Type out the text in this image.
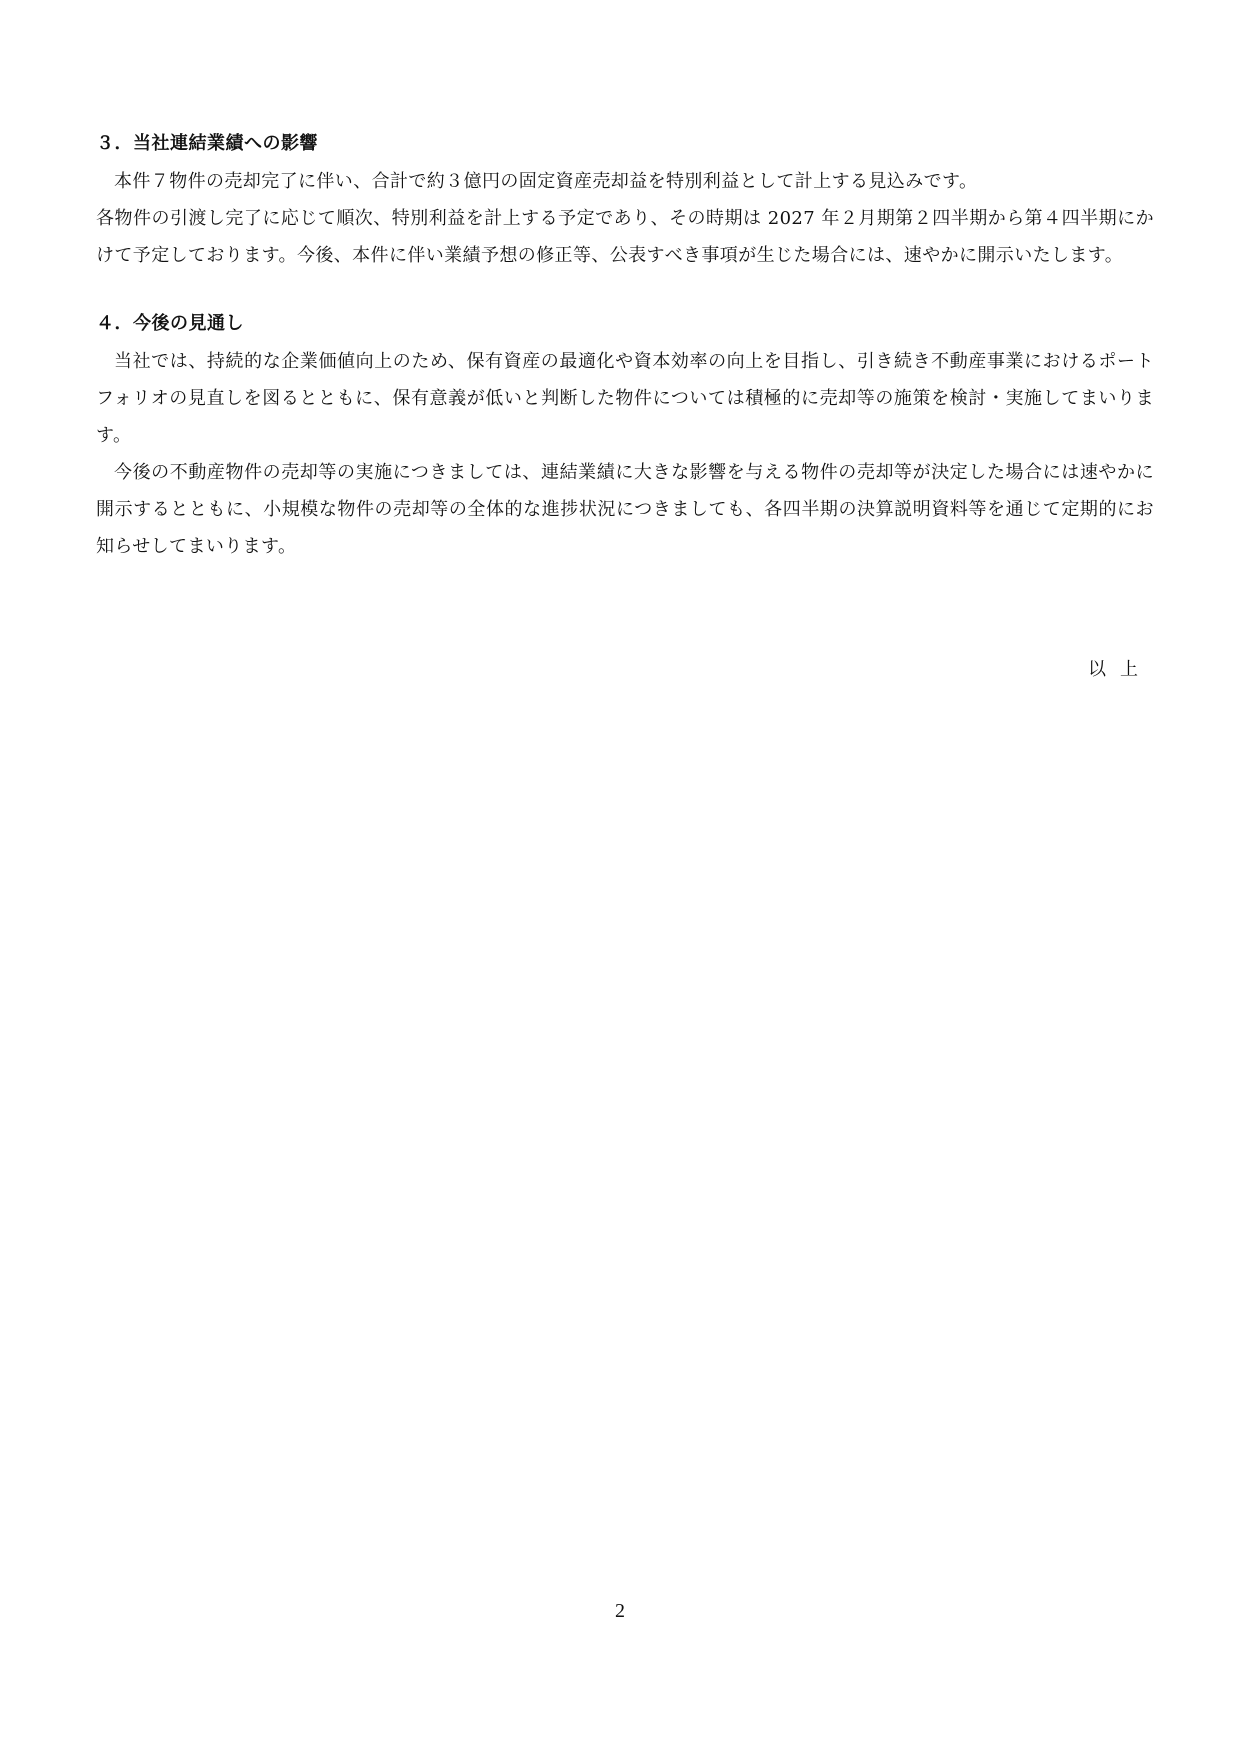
３．当社連結業績への影響

本件７物件の売却完了に伴い、合計で約３億円の固定資産売却益を特別利益として計上する見込みです。

各物件の引渡し完了に応じて順次、特別利益を計上する予定であり、その時期は 2027 年２月期第２四半期から第４四半期にかけて予定しております。今後、本件に伴い業績予想の修正等、公表すべき事項が生じた場合には、速やかに開示いたします。

４．今後の見通し

当社では、持続的な企業価値向上のため、保有資産の最適化や資本効率の向上を目指し、引き続き不動産事業におけるポートフォリオの見直しを図るとともに、保有意義が低いと判断した物件については積極的に売却等の施策を検討・実施してまいります。

今後の不動産物件の売却等の実施につきましては、連結業績に大きな影響を与える物件の売却等が決定した場合には速やかに開示するとともに、小規模な物件の売却等の全体的な進捗状況につきましても、各四半期の決算説明資料等を通じて定期的にお知らせしてまいります。

以上
2
